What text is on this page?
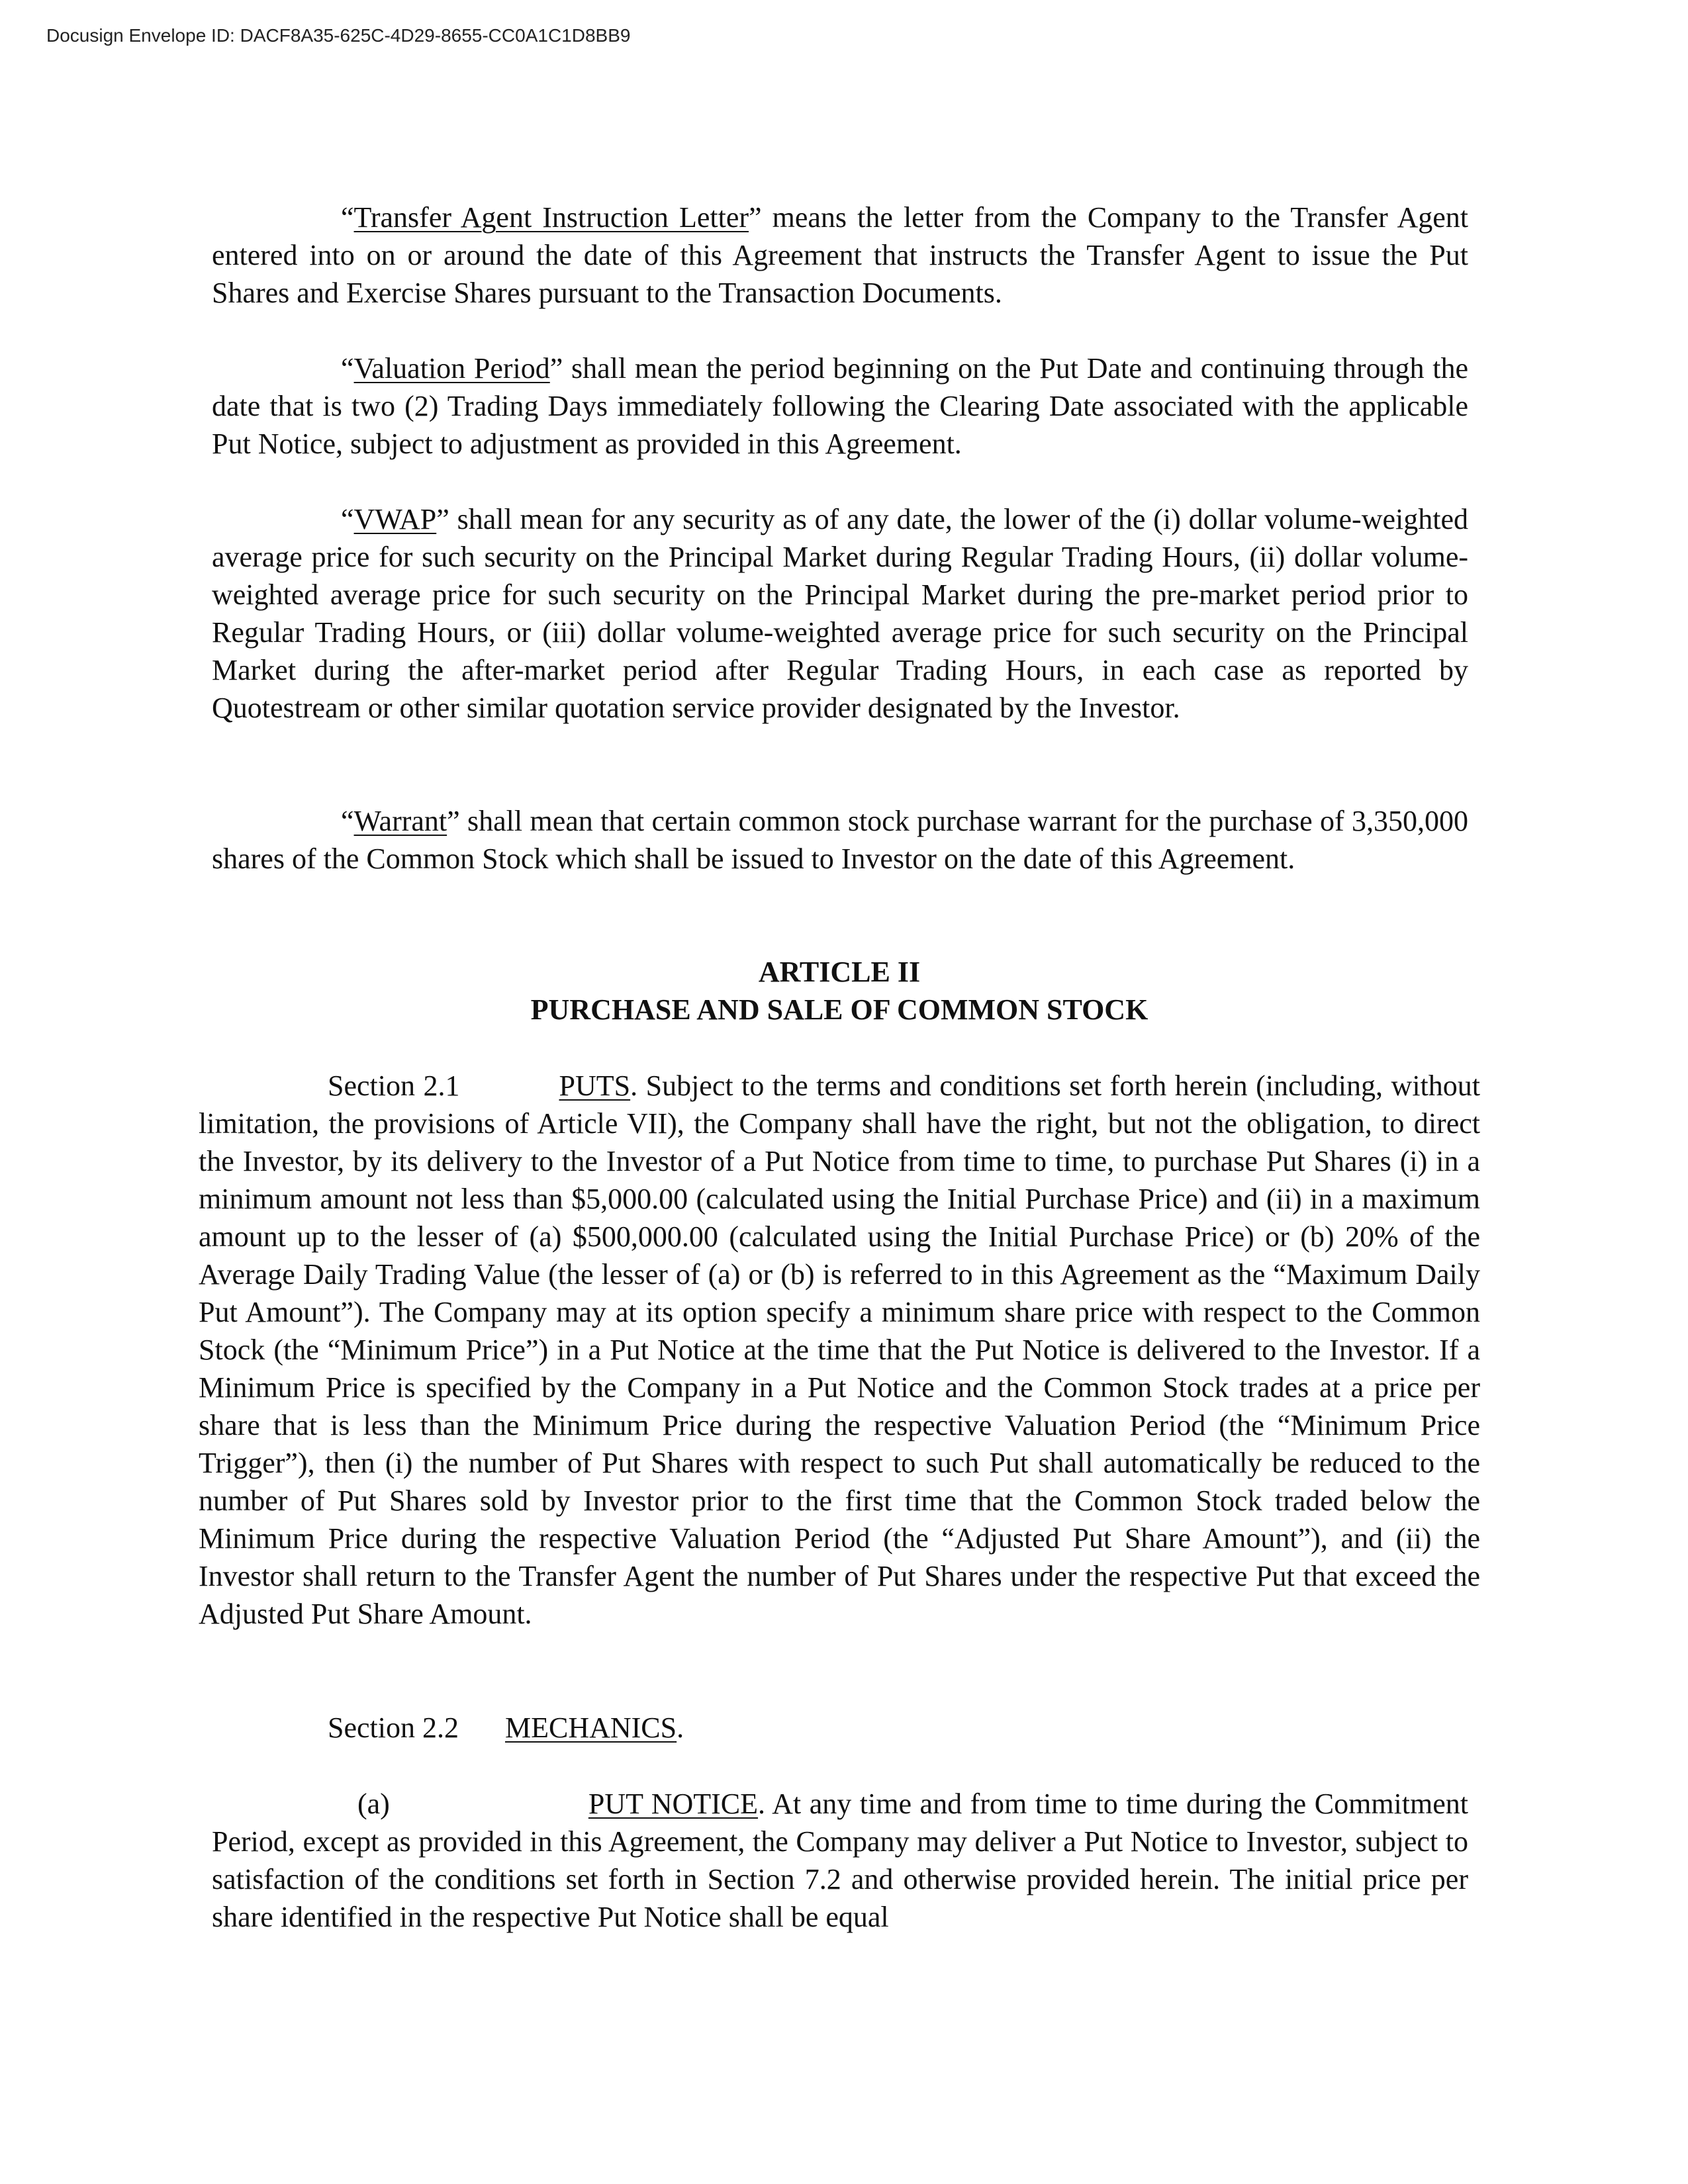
Docusign Envelope ID: DACF8A35-625C-4D29-8655-CC0A1C1D8BB9

“Transfer Agent Instruction Letter” means the letter from the Company to the Transfer Agent entered into on or around the date of this Agreement that instructs the Transfer Agent to issue the Put Shares and Exercise Shares pursuant to the Transaction Documents.

“Valuation Period” shall mean the period beginning on the Put Date and continuing through the date that is two (2) Trading Days immediately following the Clearing Date associated with the applicable Put Notice, subject to adjustment as provided in this Agreement.

“VWAP” shall mean for any security as of any date, the lower of the (i) dollar volume-weighted average price for such security on the Principal Market during Regular Trading Hours, (ii) dollar volume-weighted average price for such security on the Principal Market during the pre-market period prior to Regular Trading Hours, or (iii) dollar volume-weighted average price for such security on the Principal Market during the after-market period after Regular Trading Hours, in each case as reported by Quotestream or other similar quotation service provider designated by the Investor.

“Warrant” shall mean that certain common stock purchase warrant for the purchase of 3,350,000 shares of the Common Stock which shall be issued to Investor on the date of this Agreement.

ARTICLE II
PURCHASE AND SALE OF COMMON STOCK

Section 2.1	PUTS. Subject to the terms and conditions set forth herein (including, without limitation, the provisions of Article VII), the Company shall have the right, but not the obligation, to direct the Investor, by its delivery to the Investor of a Put Notice from time to time, to purchase Put Shares (i) in a minimum amount not less than $5,000.00 (calculated using the Initial Purchase Price) and (ii) in a maximum amount up to the lesser of (a) $500,000.00 (calculated using the Initial Purchase Price) or (b) 20% of the Average Daily Trading Value (the lesser of (a) or (b) is referred to in this Agreement as the “Maximum Daily Put Amount”). The Company may at its option specify a minimum share price with respect to the Common Stock (the “Minimum Price”) in a Put Notice at the time that the Put Notice is delivered to the Investor. If a Minimum Price is specified by the Company in a Put Notice and the Common Stock trades at a price per share that is less than the Minimum Price during the respective Valuation Period (the “Minimum Price Trigger”), then (i) the number of Put Shares with respect to such Put shall automatically be reduced to the number of Put Shares sold by Investor prior to the first time that the Common Stock traded below the Minimum Price during the respective Valuation Period (the “Adjusted Put Share Amount”), and (ii) the Investor shall return to the Transfer Agent the number of Put Shares under the respective Put that exceed the Adjusted Put Share Amount.

Section 2.2 MECHANICS.

(a)	PUT NOTICE. At any time and from time to time during the Commitment Period, except as provided in this Agreement, the Company may deliver a Put Notice to Investor, subject to satisfaction of the conditions set forth in Section 7.2 and otherwise provided herein. The initial price per share identified in the respective Put Notice shall be equal
